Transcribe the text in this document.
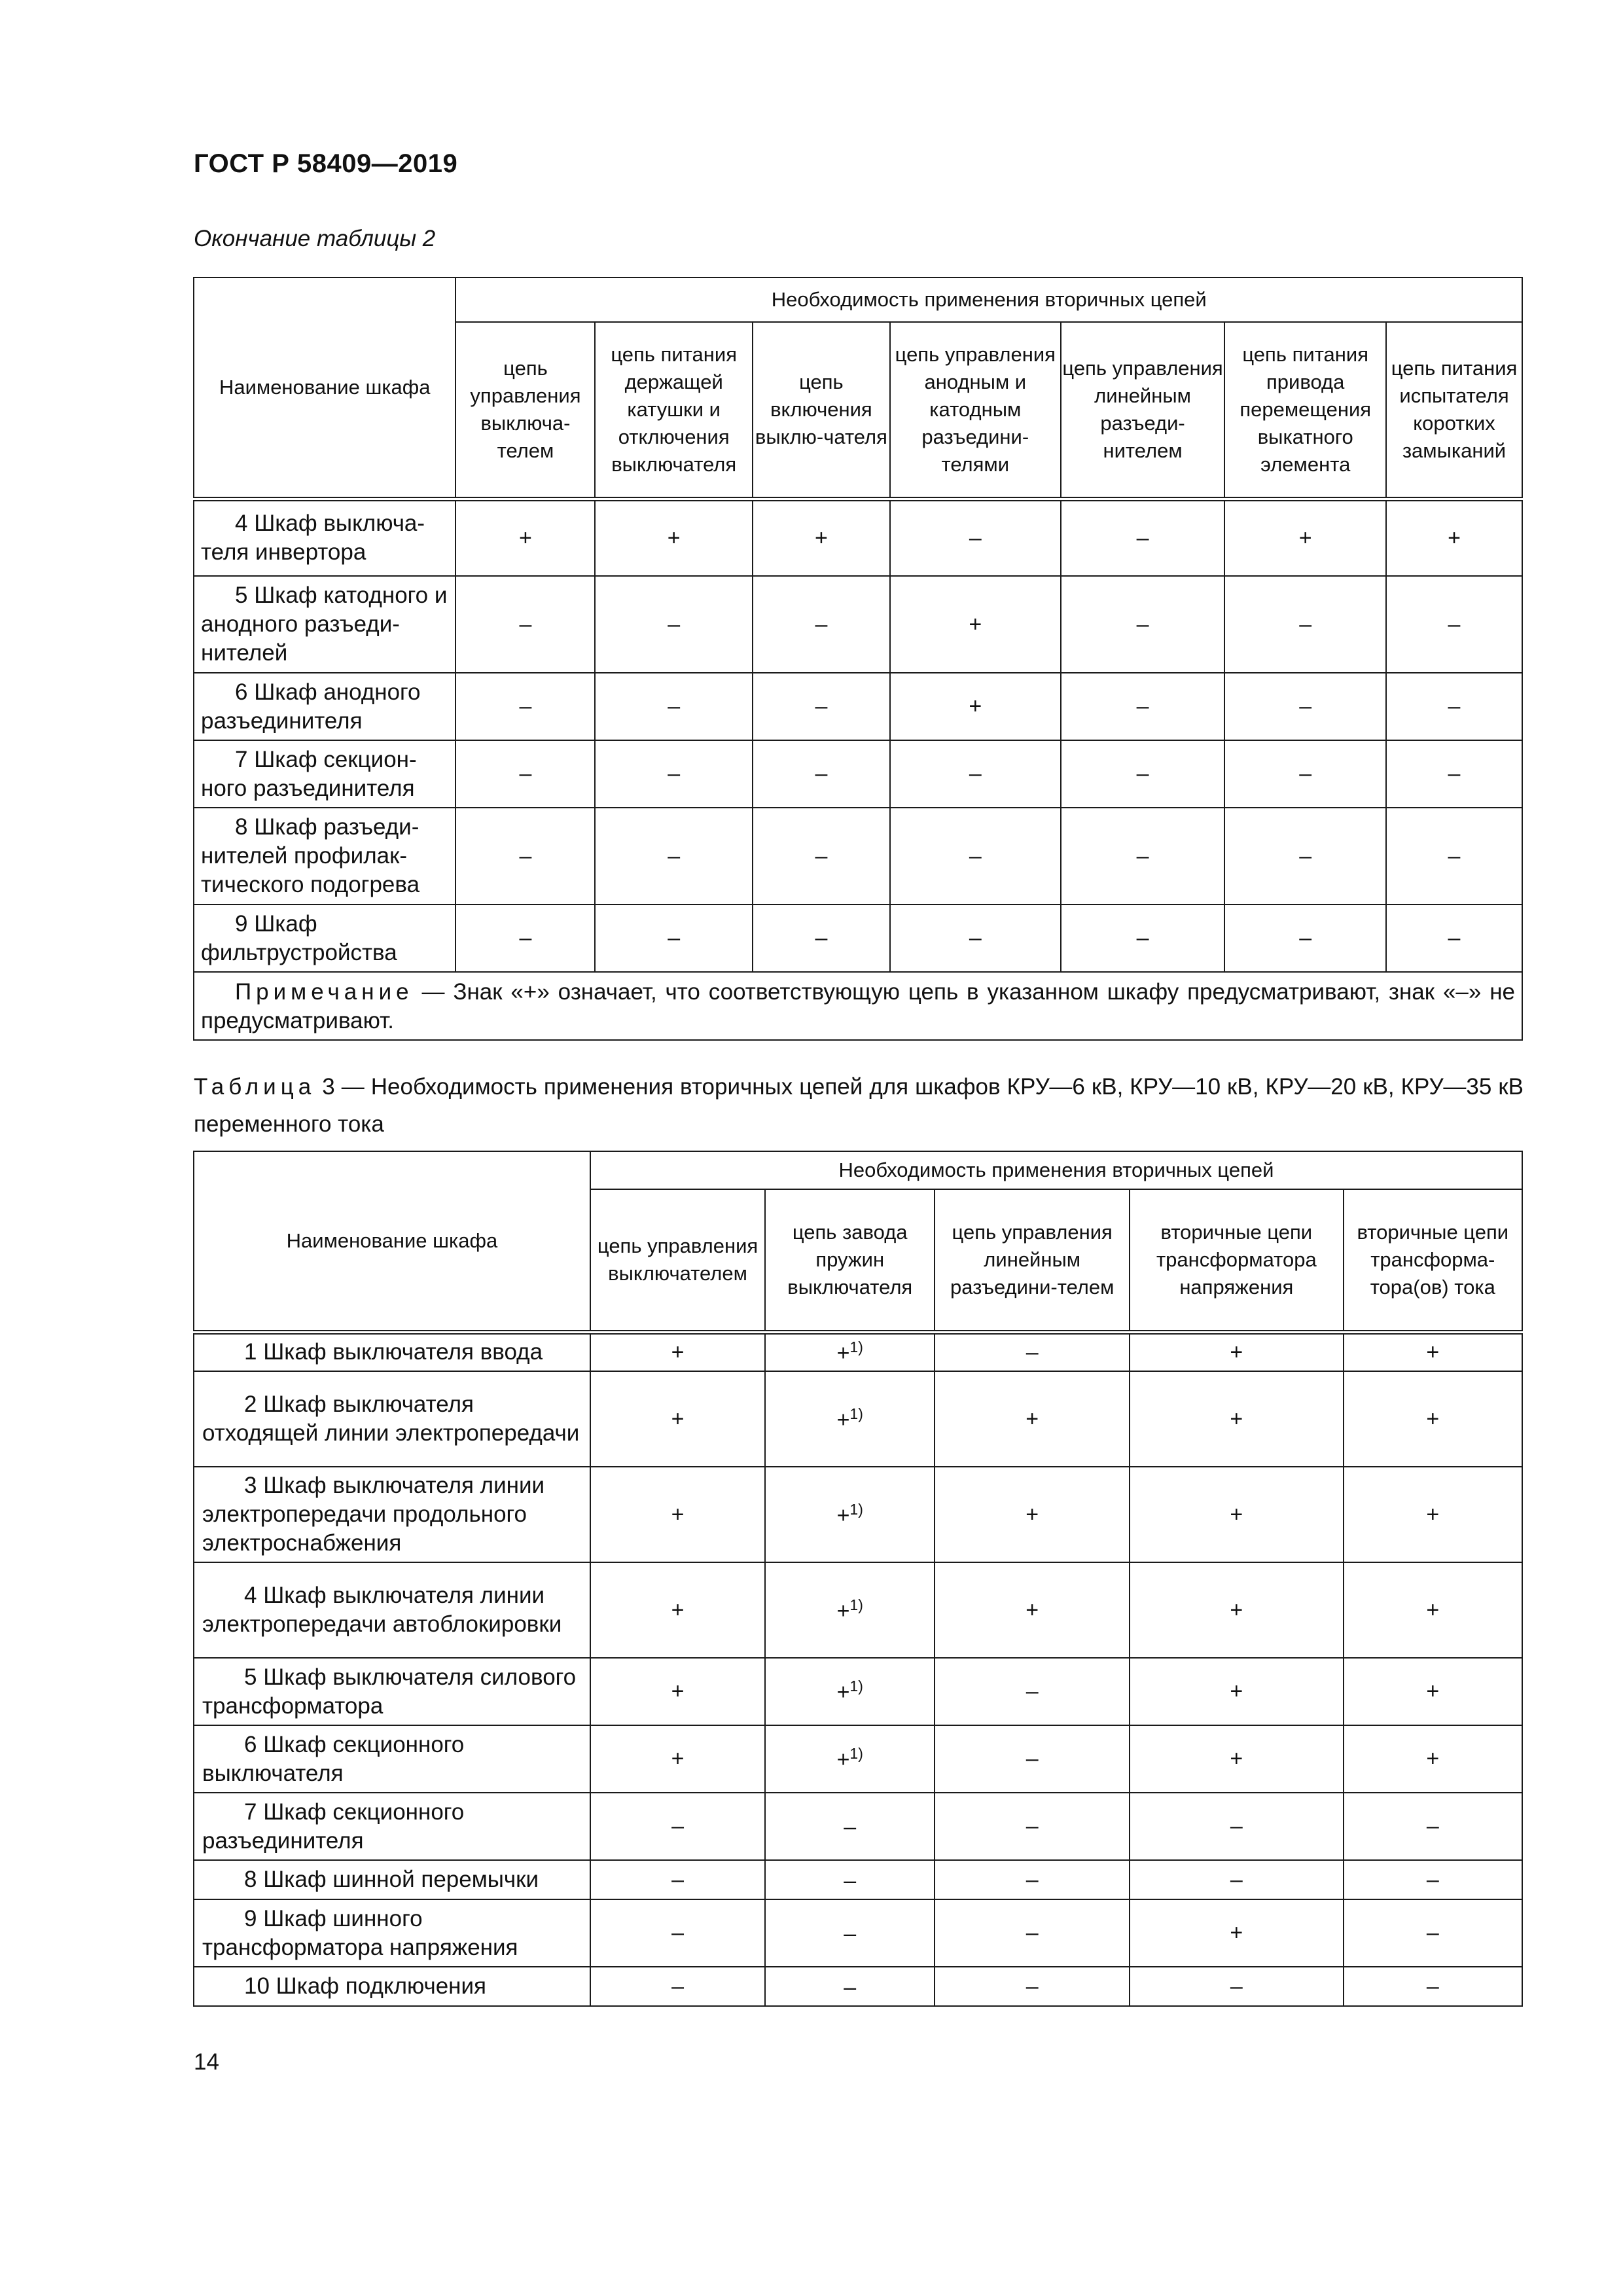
ГОСТ Р 58409—2019
Окончание таблицы 2
Наименование шкафа	Необходимость применения вторичных цепей						
	цепь управления выключа-телем	цепь питания держащей катушки и отключения выключателя	цепь включения выклю-чателя	цепь управления анодным и катодным разъедини-телями	цепь управления линейным разъеди-нителем	цепь питания привода перемещения выкатного элемента	цепь питания испытателя коротких замыканий

4 Шкаф выключа-теля инвертора	+	+	+	–	–	+	+

5 Шкаф катодного и анодного разъеди-нителей	–	–	–	+	–	–	–

6 Шкаф анодного разъединителя	–	–	–	+	–	–	–

7 Шкаф секцион-ного разъединителя	–	–	–	–	–	–	–

8 Шкаф разъеди-нителей профилак-тического подогрева	–	–	–	–	–	–	–

9 Шкаф фильтрустройства	–	–	–	–	–	–	–
Примечание — Знак «+» означает, что соответствующую цепь в указанном шкафу предусматривают, знак «–» не предусматривают.							
Таблица 3 — Необходимость применения вторичных цепей для шкафов КРУ—6 кВ, КРУ—10 кВ, КРУ—20 кВ, КРУ—35 кВ переменного тока
Наименование шкафа	Необходимость применения вторичных цепей				
	цепь управления выключателем	цепь завода пружин выключателя	цепь управления линейным разъедини-телем	вторичные цепи трансформатора напряжения	вторичные цепи трансформа-тора(ов) тока

1 Шкаф выключателя ввода	+	+$^{1)}$	–	+	+

2 Шкаф выключателя отходящей линии электропередачи	+	+$^{1)}$	+	+	+

3 Шкаф выключателя линии электропередачи продольного электроснабжения	+	+$^{1)}$	+	+	+

4 Шкаф выключателя линии электропередачи автоблокировки	+	+$^{1)}$	+	+	+

5 Шкаф выключателя силового трансформатора	+	+$^{1)}$	–	+	+

6 Шкаф секционного выключателя	+	+$^{1)}$	–	+	+

7 Шкаф секционного разъединителя	–	–	–	–	–

8 Шкаф шинной перемычки	–	–	–	–	–

9 Шкаф шинного трансформатора напряжения	–	–	–	+	–

10 Шкаф подключения	–	–	–	–	–
14
